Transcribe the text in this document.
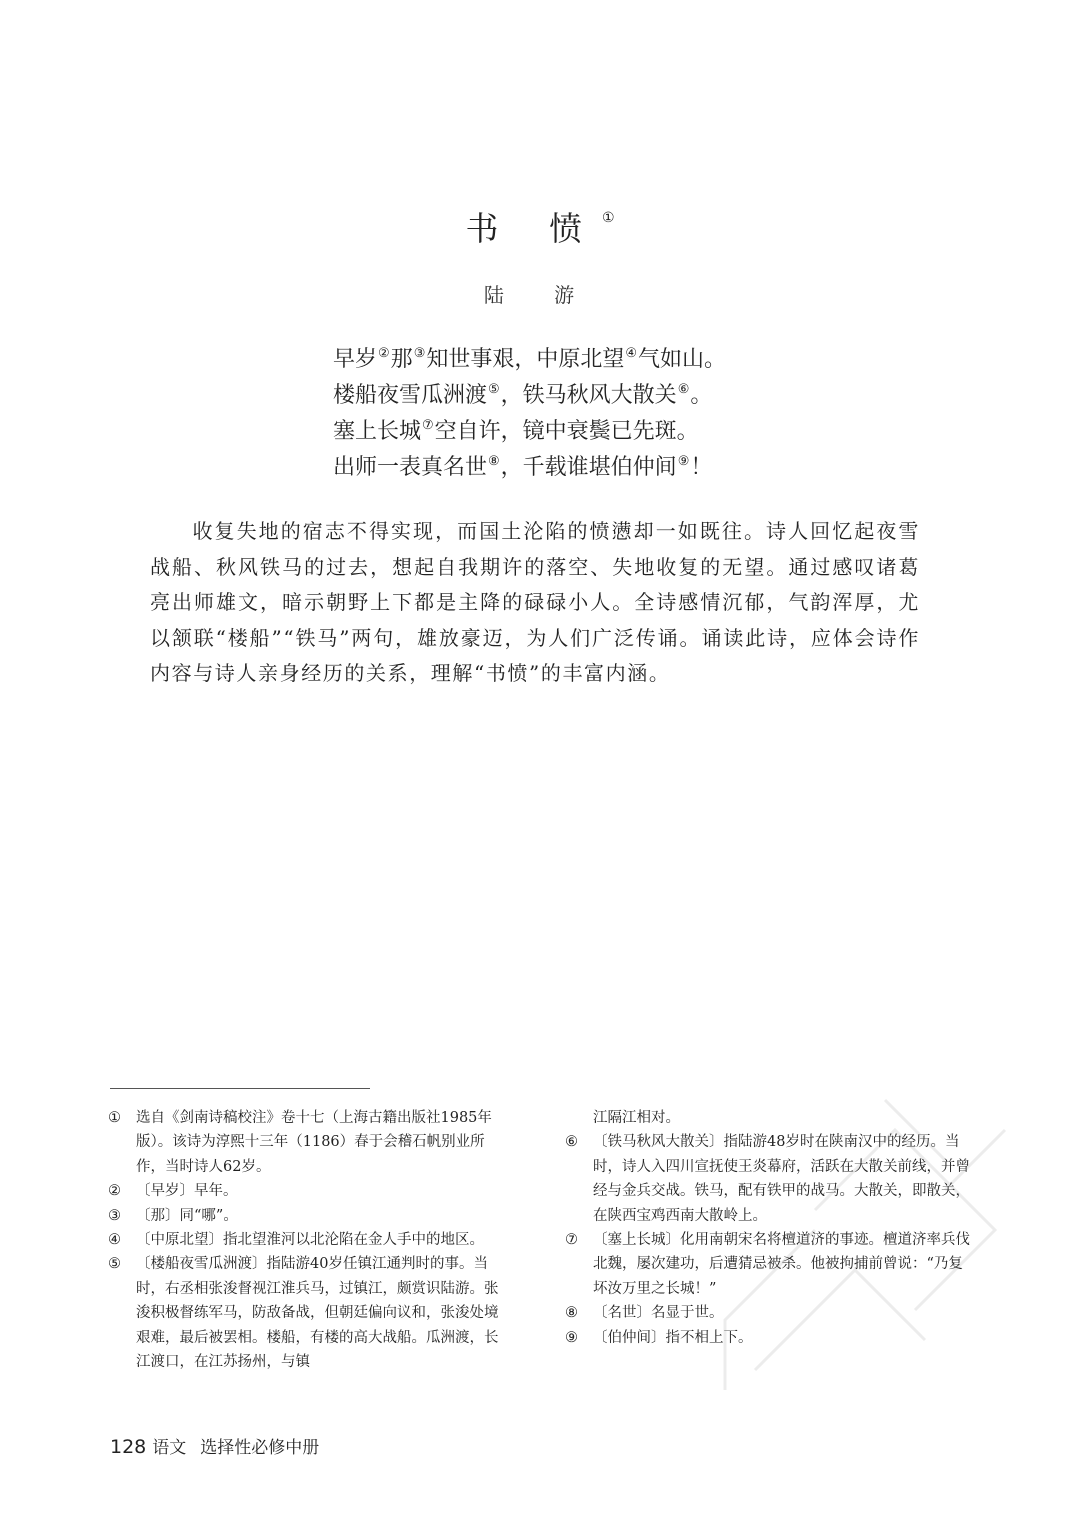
书 愤①
陆 游
早岁②那③知世事艰，中原北望④气如山。
楼船夜雪瓜洲渡⑤，铁马秋风大散关⑥。
塞上长城⑦空自许，镜中衰鬓已先斑。
出师一表真名世⑧，千载谁堪伯仲间⑨！
收复失地的宿志不得实现，而国土沦陷的愤懑却一如既往。诗人回忆起夜雪战船、秋风铁马的过去，想起自我期许的落空、失地收复的无望。通过感叹诸葛亮出师雄文，暗示朝野上下都是主降的碌碌小人。全诗感情沉郁，气韵浑厚，尤以颔联“楼船”“铁马”两句，雄放豪迈，为人们广泛传诵。诵读此诗，应体会诗作内容与诗人亲身经历的关系，理解“书愤”的丰富内涵。
① 选自《剑南诗稿校注》卷十七（上海古籍出版社1985年版）。该诗为淳熙十三年（1186）春于会稽石帆别业所作，当时诗人62岁。
② 〔早岁〕早年。
③ 〔那〕同“哪”。
④ 〔中原北望〕指北望淮河以北沦陷在金人手中的地区。
⑤ 〔楼船夜雪瓜洲渡〕指陆游40岁任镇江通判时的事。当时，右丞相张浚督视江淮兵马，过镇江，颇赏识陆游。张浚积极督练军马，防敌备战，但朝廷偏向议和，张浚处境艰难，最后被罢相。楼船，有楼的高大战船。瓜洲渡，长江渡口，在江苏扬州，与镇
江隔江相对。
⑥ 〔铁马秋风大散关〕指陆游48岁时在陕南汉中的经历。当时，诗人入四川宣抚使王炎幕府，活跃在大散关前线，并曾经与金兵交战。铁马，配有铁甲的战马。大散关，即散关，在陕西宝鸡西南大散岭上。
⑦ 〔塞上长城〕化用南朝宋名将檀道济的事迹。檀道济率兵伐北魏，屡次建功，后遭猜忌被杀。他被拘捕前曾说：“乃复坏汝万里之长城！”
⑧ 〔名世〕名显于世。
⑨ 〔伯仲间〕指不相上下。
128 语文 选择性必修中册
